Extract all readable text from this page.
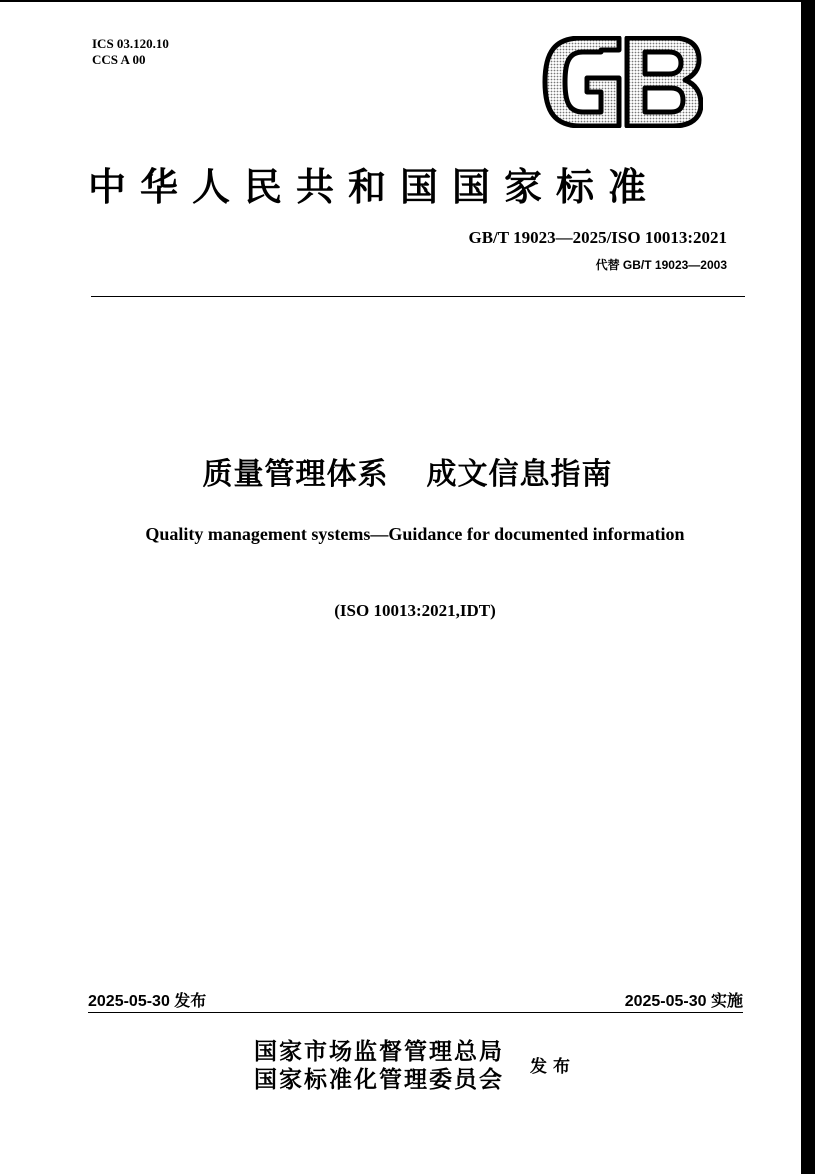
ICS 03.120.10
CCS A 00
中华人民共和国国家标准
GB/T 19023—2025/ISO 10013:2021
代替 GB/T 19023—2003
质量管理体系 成文信息指南
Quality management systems—Guidance for documented information
(ISO 10013:2021,IDT)
2025-05-30 发布	2025-05-30 实施
国家市场监督管理总局
国家标准化管理委员会 发布
